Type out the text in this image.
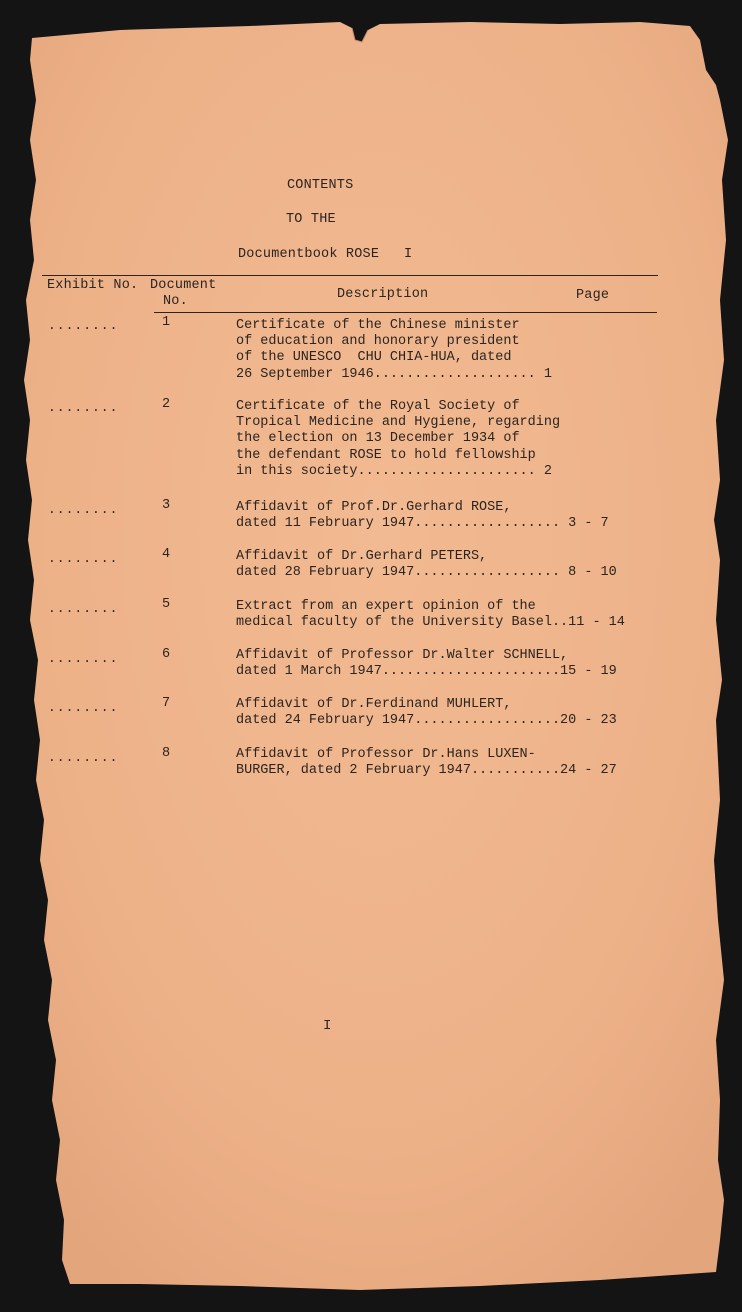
CONTENTS
TO THE
Documentbook ROSE   I
Exhibit No. Document
No.	Description	Page
........	1	Certificate of the Chinese minister
of education and honorary president
of the UNESCO  CHU CHIA-HUA, dated
26 September 1946.................... 1
........	2	Certificate of the Royal Society of
Tropical Medicine and Hygiene, regarding
the election on 13 December 1934 of
the defendant ROSE to hold fellowship
in this society...................... 2
........	3	Affidavit of Prof.Dr.Gerhard ROSE,
dated 11 February 1947.................. 3 - 7
........	4	Affidavit of Dr.Gerhard PETERS,
dated 28 February 1947.................. 8 - 10
........	5	Extract from an expert opinion of the
medical faculty of the University Basel..11 - 14
........	6	Affidavit of Professor Dr.Walter SCHNELL,
dated 1 March 1947......................15 - 19
........	7	Affidavit of Dr.Ferdinand MUHLERT,
dated 24 February 1947..................20 - 23
........	8	Affidavit of Professor Dr.Hans LUXEN-
BURGER, dated 2 February 1947...........24 - 27
I
